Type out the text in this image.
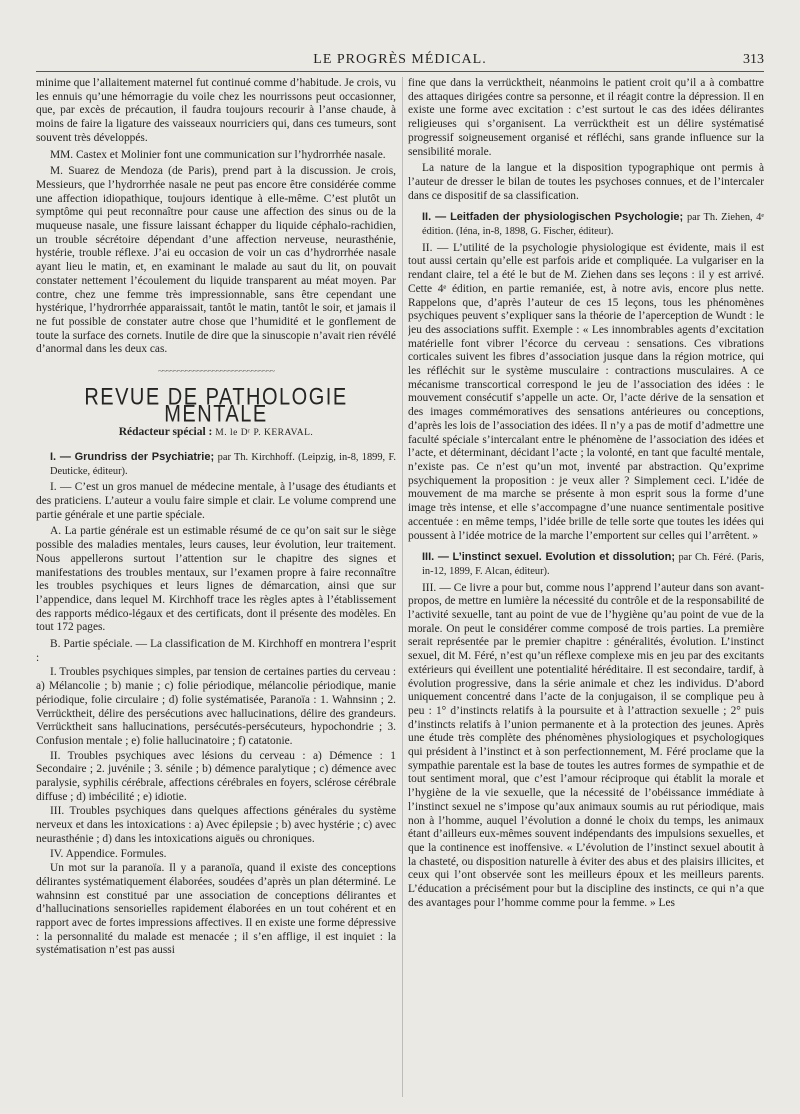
LE PROGRÈS MÉDICAL.	313

minime que l’allaitement maternel fut continué comme d’habitude. Je crois, vu les ennuis qu’une hémorragie du voile chez les nourrissons peut occasionner, que, par excès de précaution, il faudra toujours recourir à l’anse chaude, à moins de faire la ligature des vaisseaux nourriciers qui, dans ces tumeurs, sont souvent très développés.

MM. Castex et Molinier font une communication sur l’hydrorrhée nasale.

M. Suarez de Mendoza (de Paris), prend part à la discussion. Je crois, Messieurs, que l’hydrorrhée nasale ne peut pas encore être considérée comme une affection idiopathique, toujours identique à elle-même. C’est plutôt un symptôme qui peut reconnaître pour cause une affection des sinus ou de la muqueuse nasale, une fissure laissant échapper du liquide céphalo-rachidien, un trouble sécrétoire dépendant d’une affection nerveuse, neurasthénie, hystérie, trouble réflexe. J’ai eu occasion de voir un cas d’hydrorrhée nasale ayant lieu le matin, et, en examinant le malade au saut du lit, on pouvait constater nettement l’écoulement du liquide transparent au méat moyen. Par contre, chez une femme très impressionnable, sans être cependant une hystérique, l’hydrorrhée apparaissait, tantôt le matin, tantôt le soir, et jamais il ne fut possible de constater autre chose que l’humidité et le gonflement de toute la surface des cornets. Inutile de dire que la sinuscopie n’avait rien révélé d’anormal dans les deux cas.

~~~~~~~~~~~~~~~~~~~~~~~~~~~~~~
REVUE DE PATHOLOGIE MENTALE
Rédacteur spécial : M. le Dʳ P. KERAVAL.

I. — Grundriss der Psychiatrie; par Th. Kirchhoff. (Leipzig, in-8, 1899, F. Deuticke, éditeur).

I. — C’est un gros manuel de médecine mentale, à l’usage des étudiants et des praticiens. L’auteur a voulu faire simple et clair. Le volume comprend une partie générale et une partie spéciale.

A. La partie générale est un estimable résumé de ce qu’on sait sur le siège possible des maladies mentales, leurs causes, leur évolution, leur traitement. Nous appellerons surtout l’attention sur le chapitre des signes et manifestations des troubles mentaux, sur l’examen propre à faire reconnaître les troubles psychiques et leurs lignes de démarcation, ainsi que sur l’appendice, dans lequel M. Kirchhoff trace les règles aptes à l’établissement des rapports médico-légaux et des certificats, dont il présente des modèles. En tout 172 pages.

B. Partie spéciale. — La classification de M. Kirchhoff en montrera l’esprit :

I. Troubles psychiques simples, par tension de certaines parties du cerveau : a) Mélancolie ; b) manie ; c) folie périodique, mélancolie périodique, manie périodique, folie circulaire ; d) folie systématisée, Paranoïa : 1. Wahnsinn ; 2. Verrücktheit, délire des persécutions avec hallucinations, délire des grandeurs. Verrücktheit sans hallucinations, persécutés-persécuteurs, hypochondrie ; 3. Confusion mentale ; e) folie hallucinatoire ; f) catatonie.

II. Troubles psychiques avec lésions du cerveau : a) Démence : 1 Secondaire ; 2. juvénile ; 3. sénile ; b) démence paralytique ; c) démence avec paralysie, syphilis cérébrale, affections cérébrales en foyers, sclérose cérébrale diffuse ; d) imbécilité ; e) idiotie.

III. Troubles psychiques dans quelques affections générales du système nerveux et dans les intoxications : a) Avec épilepsie ; b) avec hystérie ; c) avec neurasthénie ; d) dans les intoxications aiguës ou chroniques.

IV. Appendice. Formules.

Un mot sur la paranoïa. Il y a paranoïa, quand il existe des conceptions délirantes systématiquement élaborées, soudées d’après un plan déterminé. Le wahnsinn est constitué par une association de conceptions délirantes et d’hallucinations sensorielles rapidement élaborées en un tout cohérent et en rapport avec de fortes impressions affectives. Il en existe une forme dépressive : la personnalité du malade est menacée ; il s’en afflige, il est inquiet : la systématisation n’est pas aussi

fine que dans la verrücktheit, néanmoins le patient croit qu’il a à combattre des attaques dirigées contre sa personne, et il réagit contre la dépression. Il en existe une forme avec excitation : c’est surtout le cas des idées délirantes religieuses qui s’organisent. La verrücktheit est un délire systématisé progressif soigneusement organisé et réfléchi, sans grande influence sur la sensibilité morale.

La nature de la langue et la disposition typographique ont permis à l’auteur de dresser le bilan de toutes les psychoses connues, et de l’intercaler dans ce dispositif de sa classification.

II. — Leitfaden der physiologischen Psychologie; par Th. Ziehen, 4ᵉ édition. (Iéna, in-8, 1898, G. Fischer, éditeur).

II. — L’utilité de la psychologie physiologique est évidente, mais il est tout aussi certain qu’elle est parfois aride et compliquée. La vulgariser en la rendant claire, tel a été le but de M. Ziehen dans ses leçons : il y est arrivé. Cette 4ᵉ édition, en partie remaniée, est, à notre avis, encore plus nette. Rappelons que, d’après l’auteur de ces 15 leçons, tous les phénomènes psychiques peuvent s’expliquer sans la théorie de l’aperception de Wundt : le jeu des associations suffit. Exemple : « Les innombrables agents d’excitation matérielle font vibrer l’écorce du cerveau : sensations. Ces vibrations corticales suivent les fibres d’association jusque dans la région motrice, qui les réfléchit sur le système musculaire : contractions musculaires. A ce mécanisme transcortical correspond le jeu de l’association des idées : le mouvement consécutif s’appelle un acte. Or, l’acte dérive de la sensation et des images commémoratives des sensations antérieures ou conceptions, d’après les lois de l’association des idées. Il n’y a pas de motif d’admettre une faculté spéciale s’intercalant entre le phénomène de l’association des idées et l’acte, et déterminant, décidant l’acte ; la volonté, en tant que faculté mentale, n’existe pas. Ce n’est qu’un mot, inventé par abstraction. Qu’exprime psychiquement la proposition : je veux aller ? Simplement ceci. L’idée de mouvement de ma marche se présente à mon esprit sous la forme d’une image très intense, et elle s’accompagne d’une nuance sentimentale positive accentuée : en même temps, l’idée brille de telle sorte que toutes les idées qui poussent à l’idée motrice de la marche l’emportent sur celles qui l’arrêtent. »

III. — L’instinct sexuel. Evolution et dissolution; par Ch. Féré. (Paris, in-12, 1899, F. Alcan, éditeur).

III. — Ce livre a pour but, comme nous l’apprend l’auteur dans son avant-propos, de mettre en lumière la nécessité du contrôle et de la responsabilité de l’activité sexuelle, tant au point de vue de l’hygiène qu’au point de vue de la morale. On peut le considérer comme composé de trois parties. La première serait représentée par le premier chapitre : généralités, évolution. L’instinct sexuel, dit M. Féré, n’est qu’un réflexe complexe mis en jeu par des excitants extérieurs qui éveillent une potentialité héréditaire. Il est secondaire, tardif, à évolution progressive, dans la série animale et chez les individus. D’abord uniquement concentré dans l’acte de la conjugaison, il se complique peu à peu : 1° d’instincts relatifs à la poursuite et à l’attraction sexuelle ; 2° puis d’instincts relatifs à l’union permanente et à la protection des jeunes. Après une étude très complète des phénomènes physiologiques et psychologiques qui président à l’instinct et à son perfectionnement, M. Féré proclame que la sympathie parentale est la base de toutes les autres formes de sympathie et de tout sentiment moral, que c’est l’amour réciproque qui établit la morale et l’hygiène de la vie sexuelle, que la nécessité de l’obéissance immédiate à l’instinct sexuel ne s’impose qu’aux animaux soumis au rut périodique, mais non à l’homme, auquel l’évolution a donné le choix du temps, les animaux étant d’ailleurs eux-mêmes souvent indépendants des impulsions sexuelles, et que la continence est inoffensive. « L’évolution de l’instinct sexuel aboutit à la chasteté, ou disposition naturelle à éviter des abus et des plaisirs illicites, et ceux qui l’ont observée sont les meilleurs époux et les meilleurs parents. L’éducation a précisément pour but la discipline des instincts, ce qui n’a que des avantages pour l’homme comme pour la femme. » Les
